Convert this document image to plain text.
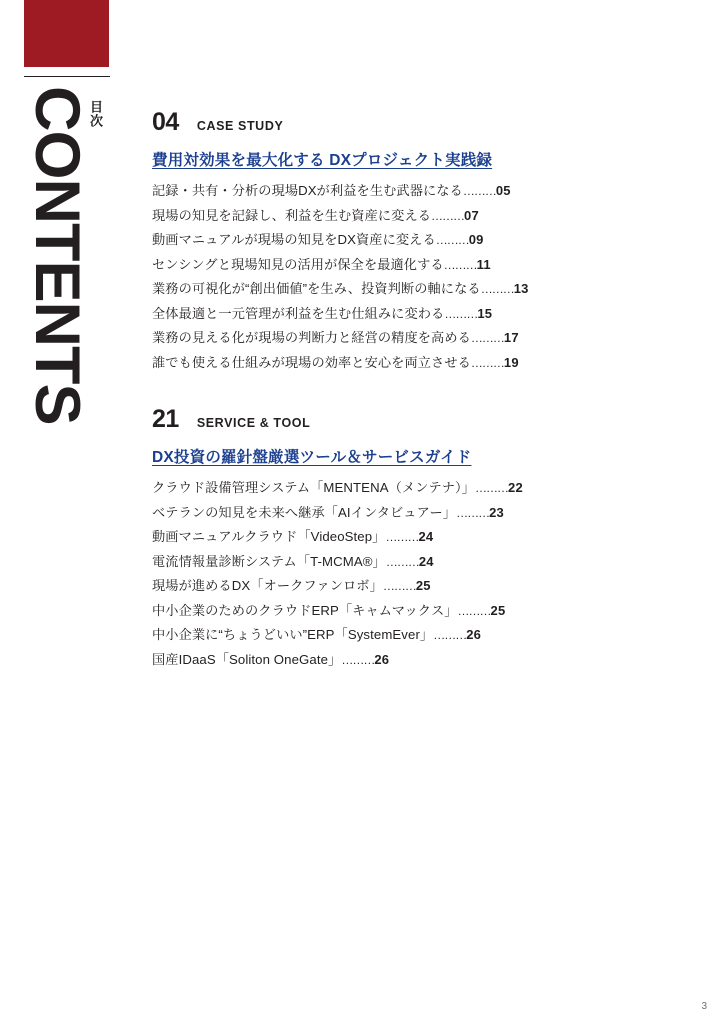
CONTENTS
目次 04 CASE STUDY
費用対効果を最大化する DXプロジェクト実践録
記録・共有・分析の現場DXが利益を生む武器になる………05
現場の知見を記録し、利益を生む資産に変える………07
動画マニュアルが現場の知見をDX資産に変える………09
センシングと現場知見の活用が保全を最適化する………11
業務の可視化が“創出価値”を生み、投資判断の軸になる………13
全体最適と一元管理が利益を生む仕組みに変わる………15
業務の見える化が現場の判断力と経営の精度を高める………17
誰でも使える仕組みが現場の効率と安心を両立させる………19
21 SERVICE & TOOL
DX投資の羅針盤厳選ツール＆サービスガイド
クラウド設備管理システム「MENTENA（メンテナ）」………22
ベテランの知見を未来へ継承「AIインタビュアー」………23
動画マニュアルクラウド「VideoStep」………24
電流情報量診断システム「T-MCMA®」………24
現場が進めるDX「オークファンロボ」………25
中小企業のためのクラウドERP「キャムマックス」………25
中小企業に“ちょうどいい”ERP「SystemEver」………26
国産IDaaS「Soliton OneGate」………26
3
